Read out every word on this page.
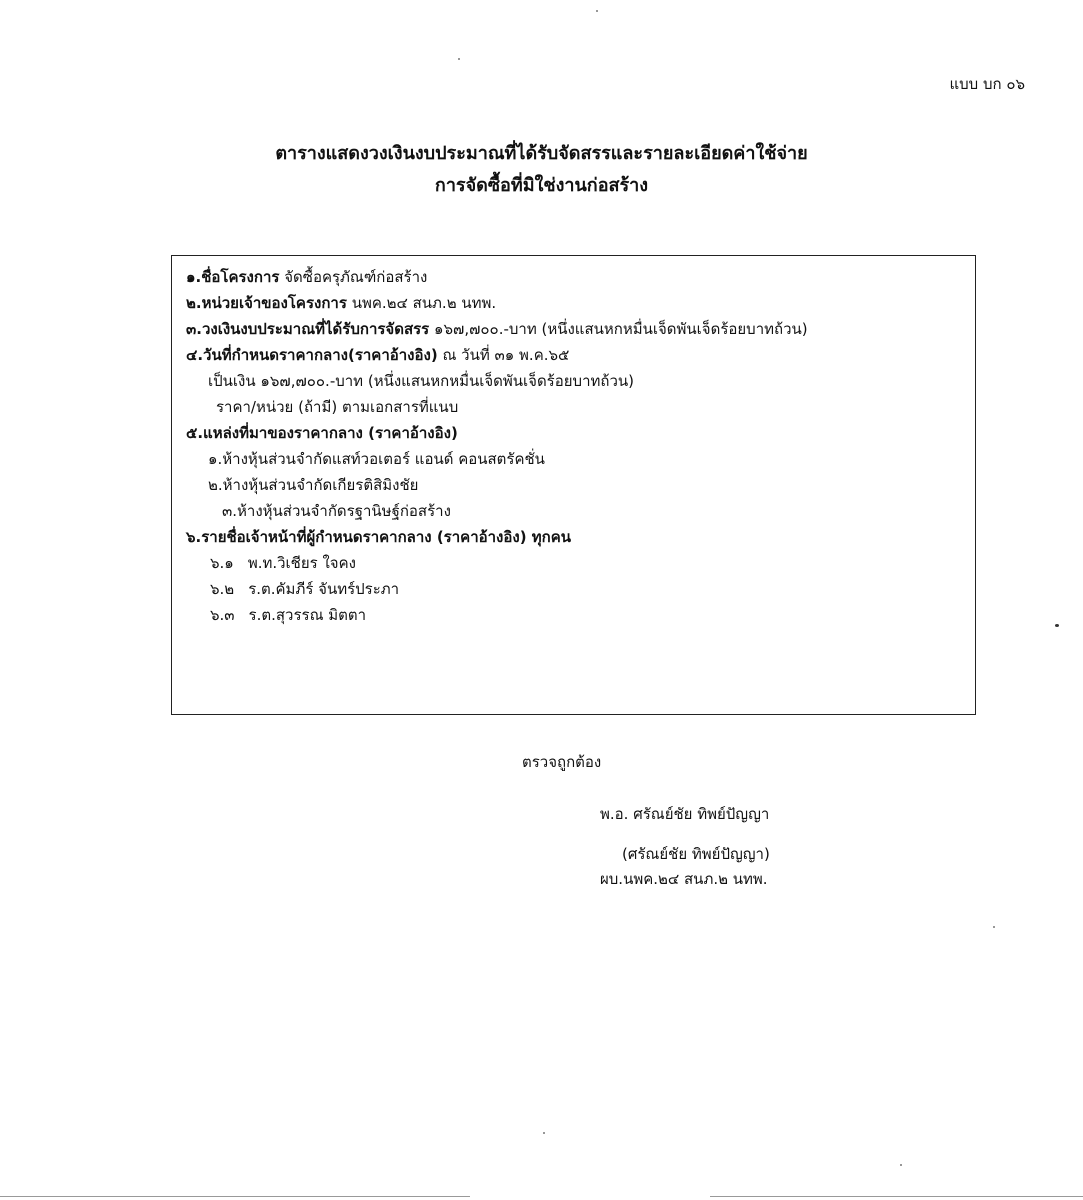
แบบ บก ๐๖
ตารางแสดงวงเงินงบประมาณที่ได้รับจัดสรรและรายละเอียดค่าใช้จ่าย
การจัดซื้อที่มิใช่งานก่อสร้าง
๑.ชื่อโครงการ จัดซื้อครุภัณฑ์ก่อสร้าง
๒.หน่วยเจ้าของโครงการ นพค.๒๔ สนภ.๒ นทพ.
๓.วงเงินงบประมาณที่ได้รับการจัดสรร ๑๖๗,๗๐๐.-บาท (หนึ่งแสนหกหมื่นเจ็ดพันเจ็ดร้อยบาทถ้วน)
๔.วันที่กำหนดราคากลาง(ราคาอ้างอิง) ณ วันที่ ๓๑ พ.ค.๖๕
เป็นเงิน ๑๖๗,๗๐๐.-บาท (หนึ่งแสนหกหมื่นเจ็ดพันเจ็ดร้อยบาทถ้วน)
ราคา/หน่วย (ถ้ามี) ตามเอกสารที่แนบ
๕.แหล่งที่มาของราคากลาง (ราคาอ้างอิง)
๑.ห้างหุ้นส่วนจำกัดแสท์วอเตอร์ แอนด์ คอนสตรัคชั่น
๒.ห้างหุ้นส่วนจำกัดเกียรติสิมิงชัย
๓.ห้างหุ้นส่วนจำกัดรฐานิษฐ์ก่อสร้าง
๖.รายชื่อเจ้าหน้าที่ผู้กำหนดราคากลาง (ราคาอ้างอิง) ทุกคน
๖.๑ พ.ท.วิเชียร ใจคง
๖.๒ ร.ต.คัมภีร์ จันทร์ประภา
๖.๓ ร.ต.สุวรรณ มิตตา
ตรวจถูกต้อง
พ.อ. ศรัณย์ชัย ทิพย์ปัญญา
(ศรัณย์ชัย ทิพย์ปัญญา)
ผบ.นพค.๒๔ สนภ.๒ นทพ.
